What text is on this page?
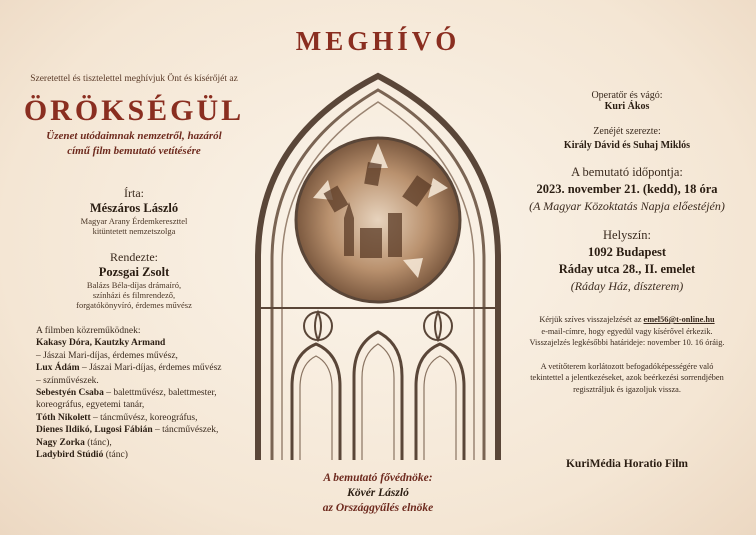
MEGHÍVÓ
Szeretettel és tisztelettel meghívjuk Önt és kísérőjét az
ÖRÖKSÉGÜL
Üzenet utódaimnak nemzetről, hazáról
című film bemutató vetítésére
Írta:
Mészáros László
Magyar Arany Érdemkereszttel
kitüntetett nemzetszolga
Rendezte:
Pozsgai Zsolt
Balázs Béla-díjas drámaíró,
színházi és filmrendező,
forgatókönyvíró, érdemes művész
A filmben közreműködnek:
Kakasy Dóra, Kautzky Armand
– Jászai Mari-díjas, érdemes művész,
Lux Ádám – Jászai Mari-díjas, érdemes művész
– színművészek.
Sebestyén Csaba – balettművész, balettmester,
koreográfus, egyetemi tanár,
Tóth Nikolett – táncművész, koreográfus,
Dienes Ildikó, Lugosi Fábián – táncművészek,
Nagy Zorka (tánc),
Ladybird Stúdió (tánc)
Operatőr és vágó:
Kuri Ákos
Zenéjét szerezte:
Király Dávid és Suhaj Miklós
A bemutató időpontja:
2023. november 21. (kedd), 18 óra
(A Magyar Közoktatás Napja előestéjén)
Helyszín:
1092 Budapest
Ráday utca 28., II. emelet
(Ráday Ház, díszterem)
Kérjük szíves visszajelzését az emel56@t-online.hu
e-mail-címre, hogy egyedül vagy kísérővel érkezik.
Visszajelzés legkésőbbi határideje: november 10. 16 óráig.
A vetítőterem korlátozott befogadóképességére való
tekintettel a jelentkezéseket, azok beérkezési sorrendjében
regisztráljuk és igazoljuk vissza.
KuriMédia Horatio Film
A bemutató fővédnöke:
Kövér László
az Országgyűlés elnöke
